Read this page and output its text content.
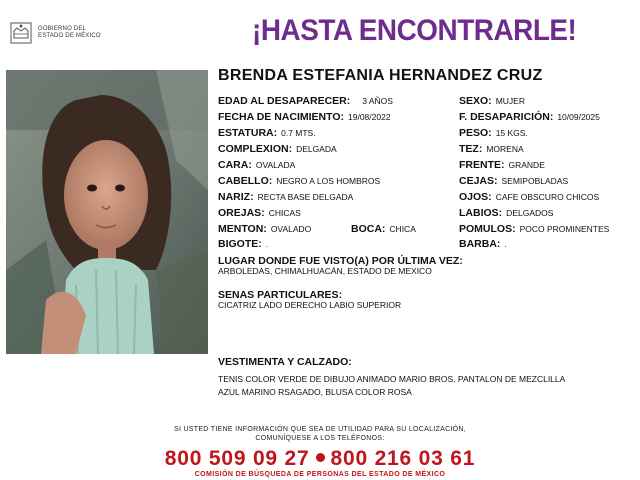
GOBIERNO DEL
ESTADO DE MÉXICO	¡HASTA ENCONTRARLE!
BRENDA ESTEFANIA HERNANDEZ CRUZ
EDAD AL DESAPARECER: 3 AÑOS
FECHA DE NACIMIENTO: 19/08/2022
ESTATURA: 0.7 MTS.
COMPLEXION: DELGADA
CARA: OVALADA
CABELLO: NEGRO A LOS HOMBROS
NARIZ: RECTA BASE DELGADA
OREJAS: CHICAS
MENTON: OVALADO	BOCA: CHICA
BIGOTE: .
SEXO: MUJER
F. DESAPARICIÓN: 10/09/2025
PESO: 15 KGS.
TEZ: MORENA
FRENTE: GRANDE
CEJAS: SEMIPOBLADAS
OJOS: CAFE OBSCURO CHICOS
LABIOS: DELGADOS
POMULOS: POCO PROMINENTES
BARBA: .
LUGAR DONDE FUE VISTO(A) POR ÚLTIMA VEZ:
ARBOLEDAS, CHIMALHUACÁN, ESTADO DE MEXICO
SENAS PARTICULARES:
CICATRIZ LADO DERECHO LABIO SUPERIOR
VESTIMENTA Y CALZADO:
TENIS COLOR VERDE DE DIBUJO ANIMADO MARIO BROS, PANTALON DE MEZCLILLA
AZUL MARINO RSAGADO, BLUSA COLOR ROSA
SI USTED TIENE INFORMACIÓN QUE SEA DE UTILIDAD PARA SU LOCALIZACIÓN,
COMUNÍQUESE A LOS TELÉFONOS:
800 509 09 27 800 216 03 61
COMISIÓN DE BÚSQUEDA DE PERSONAS DEL ESTADO DE MÉXICO
